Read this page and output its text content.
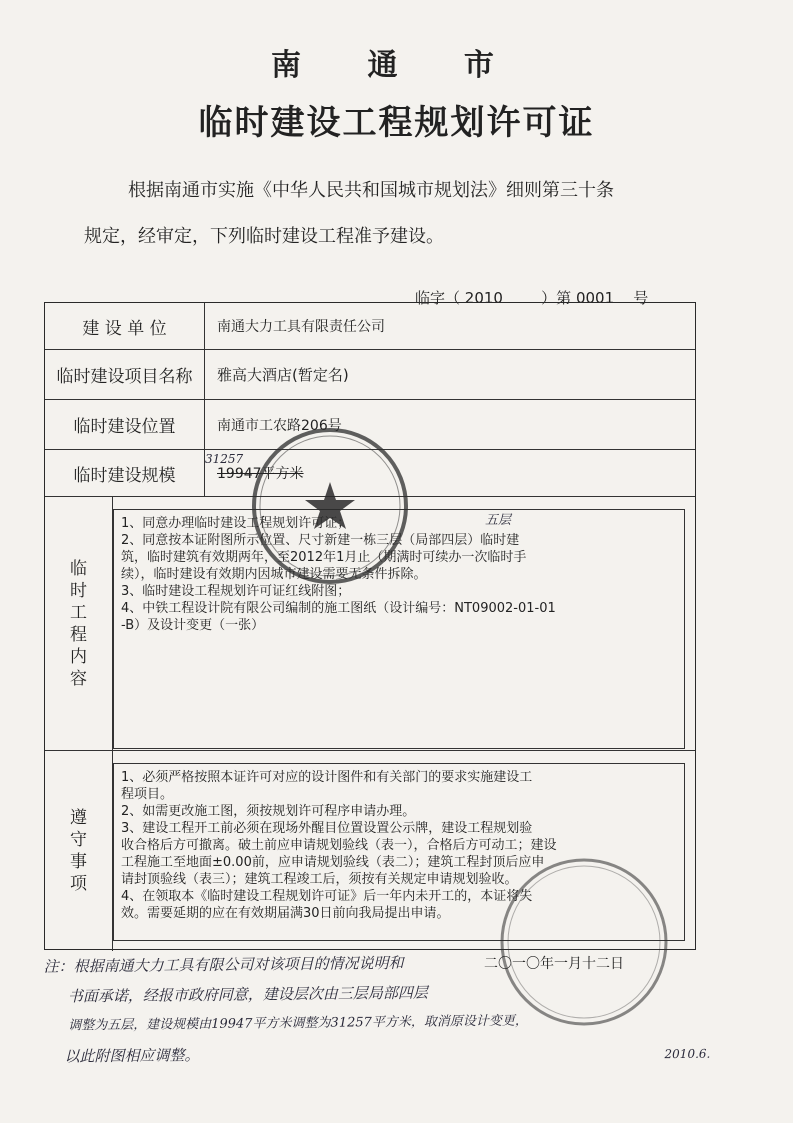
南 通 市
临时建设工程规划许可证
根据南通市实施《中华人民共和国城市规划法》细则第三十条
规定，经审定，下列临时建设工程准予建设。
临字（ 2010	）第 0001 号
建 设 单 位	南通大力工具有限责任公司
临时建设项目名称	雅高大酒店(暂定名)
临时建设位置	南通市工农路206号
临时建设规模	19947平方米
31257
临时工程内容

1、同意办理临时建设工程规划许可证；

2、同意按本证附图所示位置、尺寸新建一栋三层（局部四层）临时建

筑，临时建筑有效期两年，至2012年1月止（期满时可续办一次临时手

续），临时建设有效期内因城市建设需要无条件拆除。

3、临时建设工程规划许可证红线附图；

4、中铁工程设计院有限公司编制的施工图纸（设计编号：NT09002-01-01

-B）及设计变更（一张）

五层
遵守事项

1、必须严格按照本证许可对应的设计图件和有关部门的要求实施建设工

程项目。

2、如需更改施工图，须按规划许可程序申请办理。

3、建设工程开工前必须在现场外醒目位置设置公示牌，建设工程规划验

收合格后方可撤离。破土前应申请规划验线（表一），合格后方可动工；建设

工程施工至地面±0.00前，应申请规划验线（表二）；建筑工程封顶后应申

请封顶验线（表三）；建筑工程竣工后，须按有关规定申请规划验收。

4、在领取本《临时建设工程规划许可证》后一年内未开工的，本证将失

效。需要延期的应在有效期届满30日前向我局提出申请。

二〇一〇年一月十二日

注：根据南通大力工具有限公司对该项目的情况说明和

书面承诺，经报市政府同意，建设层次由三层局部四层

调整为五层，建设规模由19947平方米调整为31257平方米，取消原设计变更，

以此附图相应调整。	2010.6.
